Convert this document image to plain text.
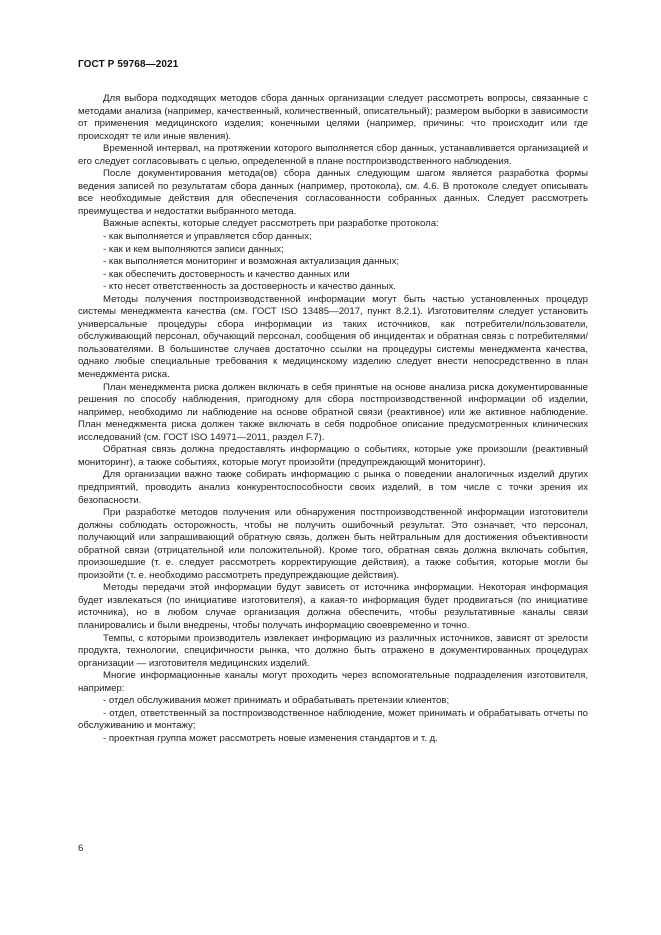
ГОСТ Р 59768—2021

Для выбора подходящих методов сбора данных организации следует рассмотреть вопросы, связанные с методами анализа (например, качественный, количественный, описательный); размером выборки в зависимости от применения медицинского изделия; конечными целями (например, причины: что происходит или где происходят те или иные явления).

Временной интервал, на протяжении которого выполняется сбор данных, устанавливается организацией и его следует согласовывать с целью, определенной в плане постпроизводственного наблюдения.

После документирования метода(ов) сбора данных следующим шагом является разработка формы ведения записей по результатам сбора данных (например, протокола), см. 4.6. В протоколе следует описывать все необходимые действия для обеспечения согласованности собранных данных. Следует рассмотреть преимущества и недостатки выбранного метода.

Важные аспекты, которые следует рассмотреть при разработке протокола:

- как выполняется и управляется сбор данных;

- как и кем выполняются записи данных;

- как выполняется мониторинг и возможная актуализация данных;

- как обеспечить достоверность и качество данных или

- кто несет ответственность за достоверность и качество данных.

Методы получения постпроизводственной информации могут быть частью установленных процедур системы менеджмента качества (см. ГОСТ ISO 13485—2017, пункт 8.2.1). Изготовителям следует установить универсальные процедуры сбора информации из таких источников, как потребители/пользователи, обслуживающий персонал, обучающий персонал, сообщения об инцидентах и обратная связь с потребителями/пользователями. В большинстве случаев достаточно ссылки на процедуры системы менеджмента качества, однако любые специальные требования к медицинскому изделию следует внести непосредственно в план менеджмента риска.

План менеджмента риска должен включать в себя принятые на основе анализа риска документированные решения по способу наблюдения, пригодному для сбора постпроизводственной информации об изделии, например, необходимо ли наблюдение на основе обратной связи (реактивное) или же активное наблюдение. План менеджмента риска должен также включать в себя подробное описание предусмотренных клинических исследований (см. ГОСТ ISO 14971—2011, раздел F.7).

Обратная связь должна предоставлять информацию о событиях, которые уже произошли (реактивный мониторинг), а также событиях, которые могут произойти (предупреждающий мониторинг).

Для организации важно также собирать информацию с рынка о поведении аналогичных изделий других предприятий, проводить анализ конкурентоспособности своих изделий, в том числе с точки зрения их безопасности.

При разработке методов получения или обнаружения постпроизводственной информации изготовители должны соблюдать осторожность, чтобы не получить ошибочный результат. Это означает, что персонал, получающий или запрашивающий обратную связь, должен быть нейтральным для достижения объективности обратной связи (отрицательной или положительной). Кроме того, обратная связь должна включать события, произошедшие (т. е. следует рассмотреть корректирующие действия), а также события, которые могли бы произойти (т. е. необходимо рассмотреть предупреждающие действия).

Методы передачи этой информации будут зависеть от источника информации. Некоторая информация будет извлекаться (по инициативе изготовителя), а какая-то информация будет продвигаться (по инициативе источника), но в любом случае организация должна обеспечить, чтобы результативные каналы связи планировались и были внедрены, чтобы получать информацию своевременно и точно.

Темпы, с которыми производитель извлекает информацию из различных источников, зависят от зрелости продукта, технологии, специфичности рынка, что должно быть отражено в документированных процедурах организации — изготовителя медицинских изделий.

Многие информационные каналы могут проходить через вспомогательные подразделения изготовителя, например:

- отдел обслуживания может принимать и обрабатывать претензии клиентов;

- отдел, ответственный за постпроизводственное наблюдение, может принимать и обрабатывать отчеты по обслуживанию и монтажу;

- проектная группа может рассмотреть новые изменения стандартов и т. д.

6
